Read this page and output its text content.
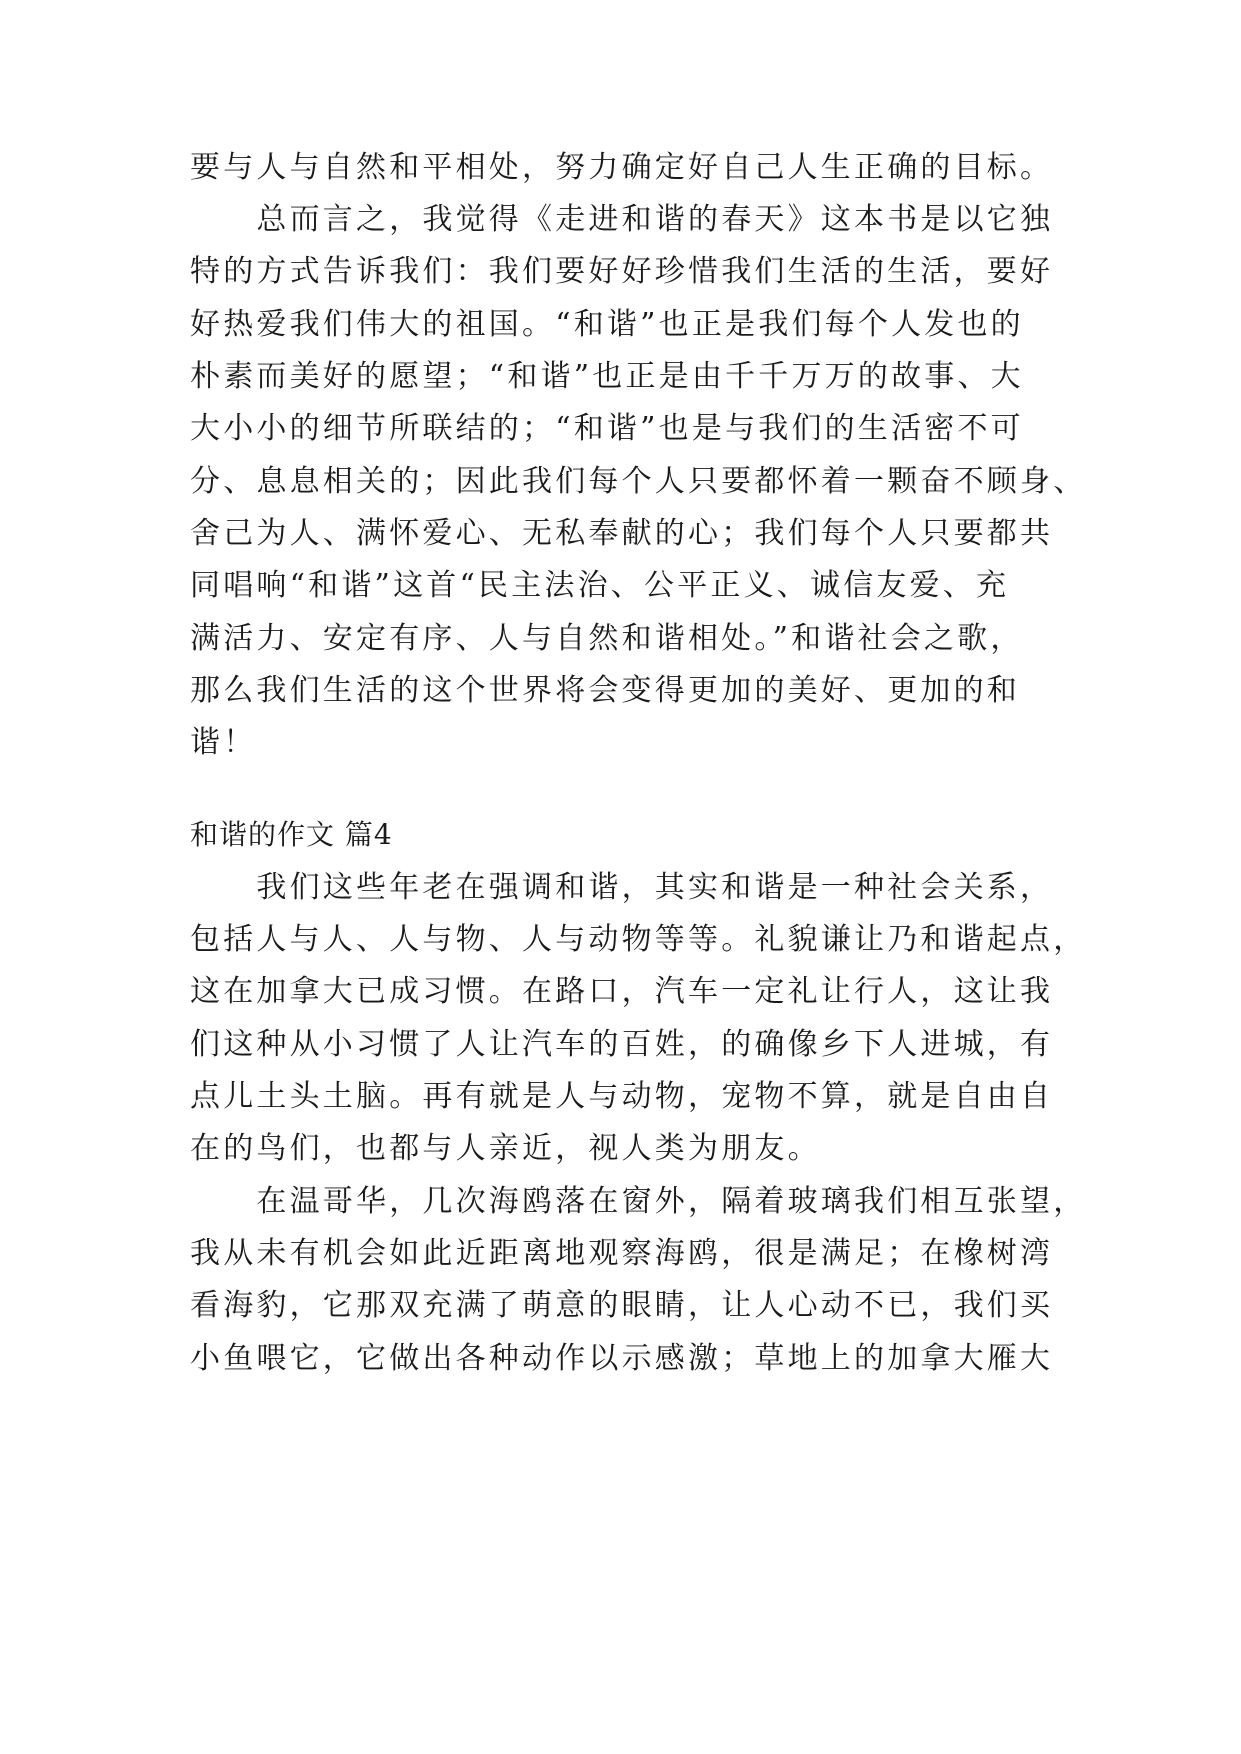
要与人与自然和平相处，努力确定好自己人生正确的目标。

　　总而言之，我觉得《走进和谐的春天》这本书是以它独

特的方式告诉我们：我们要好好珍惜我们生活的生活，要好

好热爱我们伟大的祖国。“和谐”也正是我们每个人发也的

朴素而美好的愿望；“和谐”也正是由千千万万的故事、大

大小小的细节所联结的；“和谐”也是与我们的生活密不可

分、息息相关的；因此我们每个人只要都怀着一颗奋不顾身、

舍己为人、满怀爱心、无私奉献的心；我们每个人只要都共

同唱响“和谐”这首“民主法治、公平正义、诚信友爱、充

满活力、安定有序、人与自然和谐相处。”和谐社会之歌，

那么我们生活的这个世界将会变得更加的美好、更加的和

谐！

和谐的作文 篇4

　　我们这些年老在强调和谐，其实和谐是一种社会关系，

包括人与人、人与物、人与动物等等。礼貌谦让乃和谐起点，

这在加拿大已成习惯。在路口，汽车一定礼让行人，这让我

们这种从小习惯了人让汽车的百姓，的确像乡下人进城，有

点儿土头土脑。再有就是人与动物，宠物不算，就是自由自

在的鸟们，也都与人亲近，视人类为朋友。

　　在温哥华，几次海鸥落在窗外，隔着玻璃我们相互张望，

我从未有机会如此近距离地观察海鸥，很是满足；在橡树湾

看海豹，它那双充满了萌意的眼睛，让人心动不已，我们买

小鱼喂它，它做出各种动作以示感激；草地上的加拿大雁大
